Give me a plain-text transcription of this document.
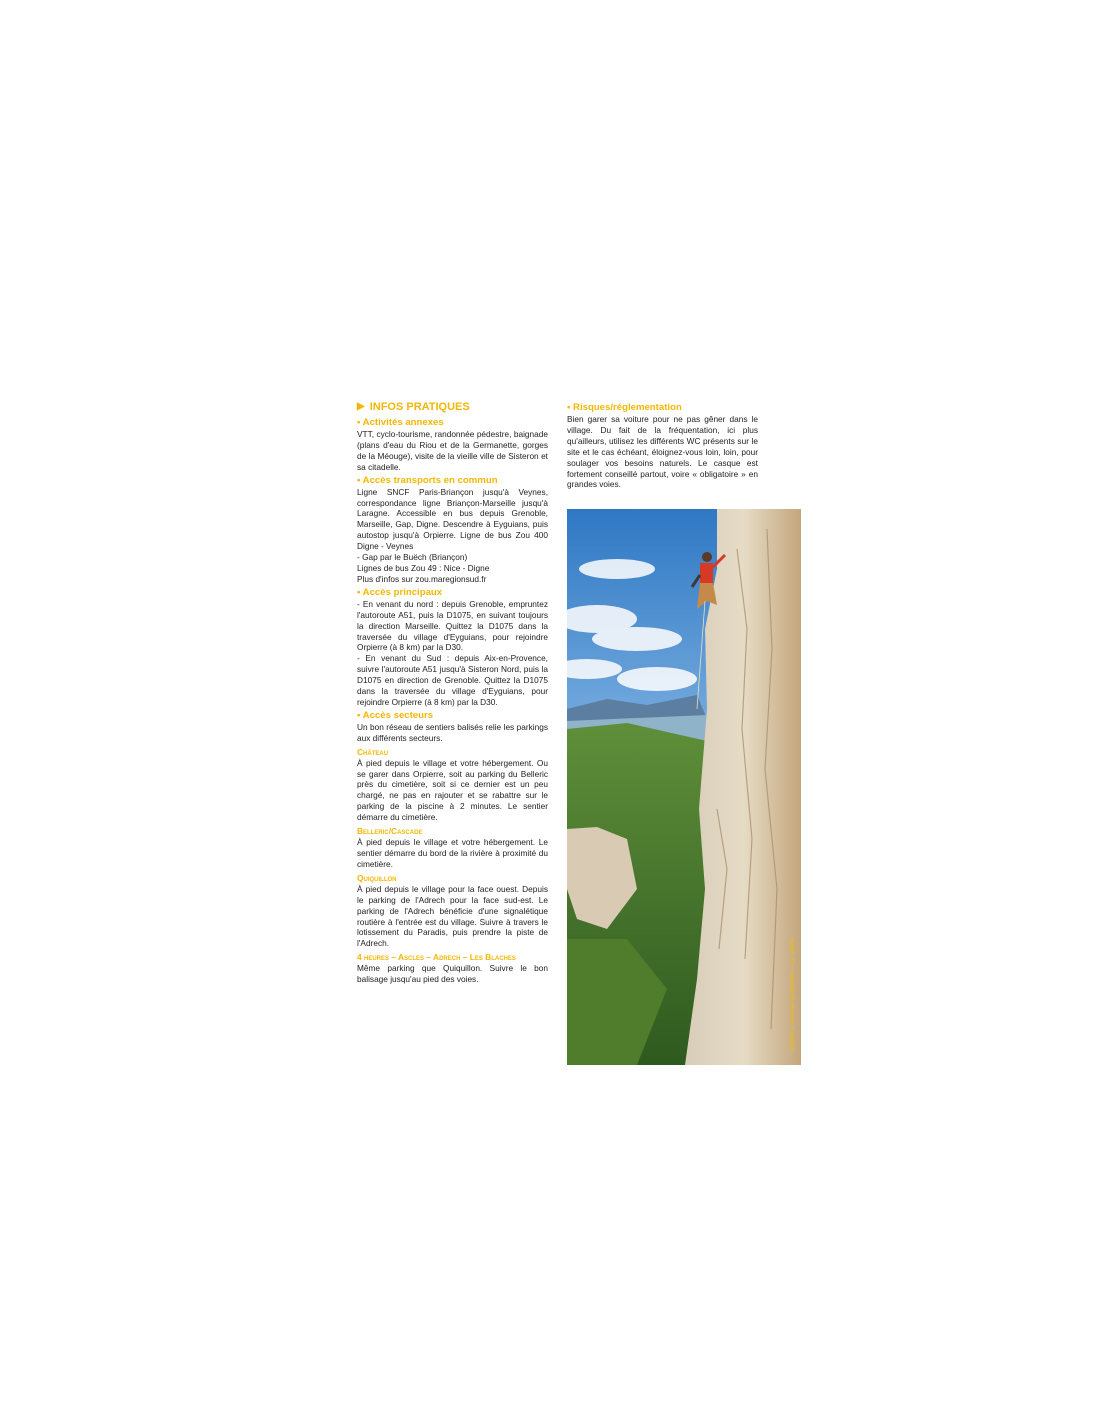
▶ INFOS PRATIQUES
• Activités annexes

VTT, cyclo-tourisme, randonnée pédestre, baignade (plans d'eau du Riou et de la Germanette, gorges de la Méouge), visite de la vieille ville de Sisteron et sa citadelle.

• Accès transports en commun

Ligne SNCF Paris-Briançon jusqu'à Veynes, correspondance ligne Briançon-Marseille jusqu'à Laragne. Accessible en bus depuis Grenoble, Marseille, Gap, Digne. Descendre à Eyguians, puis autostop jusqu'à Orpierre. Ligne de bus Zou 400 Digne - Veynes

- Gap par le Buëch (Briançon)
Lignes de bus Zou 49 : Nice - Digne
Plus d'infos sur zou.maregionsud.fr
• Accès principaux

- En venant du nord : depuis Grenoble, empruntez l'autoroute A51, puis la D1075, en suivant toujours la direction Marseille. Quittez la D1075 dans la traversée du village d'Eyguians, pour rejoindre Orpierre (à 8 km) par la D30.

- En venant du Sud : depuis Aix-en-Provence, suivre l'autoroute A51 jusqu'à Sisteron Nord, puis la D1075 en direction de Grenoble. Quittez la D1075 dans la traversée du village d'Eyguians, pour rejoindre Orpierre (à 8 km) par la D30.

• Accès secteurs

Un bon réseau de sentiers balisés relie les parkings aux différents secteurs.

Château

À pied depuis le village et votre hébergement. Ou se garer dans Orpierre, soit au parking du Belleric près du cimetière, soit si ce dernier est un peu chargé, ne pas en rajouter et se rabattre sur le parking de la piscine à 2 minutes. Le sentier démarre du cimetière.

Belleric/Cascade

À pied depuis le village et votre hébergement. Le sentier démarre du bord de la rivière à proximité du cimetière.

Quiquillon

À pied depuis le village pour la face ouest. Depuis le parking de l'Adrech pour la face sud-est. Le parking de l'Adrech bénéficie d'une signalétique routière à l'entrée est du village. Suivre à travers le lotissement du Paradis, puis prendre la piste de l'Adrech.

4 heures – Ascles – Adrech – Les Blaches

Même parking que Quiquillon. Suivre le bon balisage jusqu'au pied des voies.

• Risques/réglementation

Bien garer sa voiture pour ne pas gêner dans le village. Du fait de la fréquentation, ici plus qu'ailleurs, utilisez les différents WC présents sur le site et le cas échéant, éloignez-vous loin, loin, pour soulager vos besoins naturels. Le casque est fortement conseillé partout, voire « obligatoire » en grandes voies.

Orpierre, secteur Quiquillon — © photo
